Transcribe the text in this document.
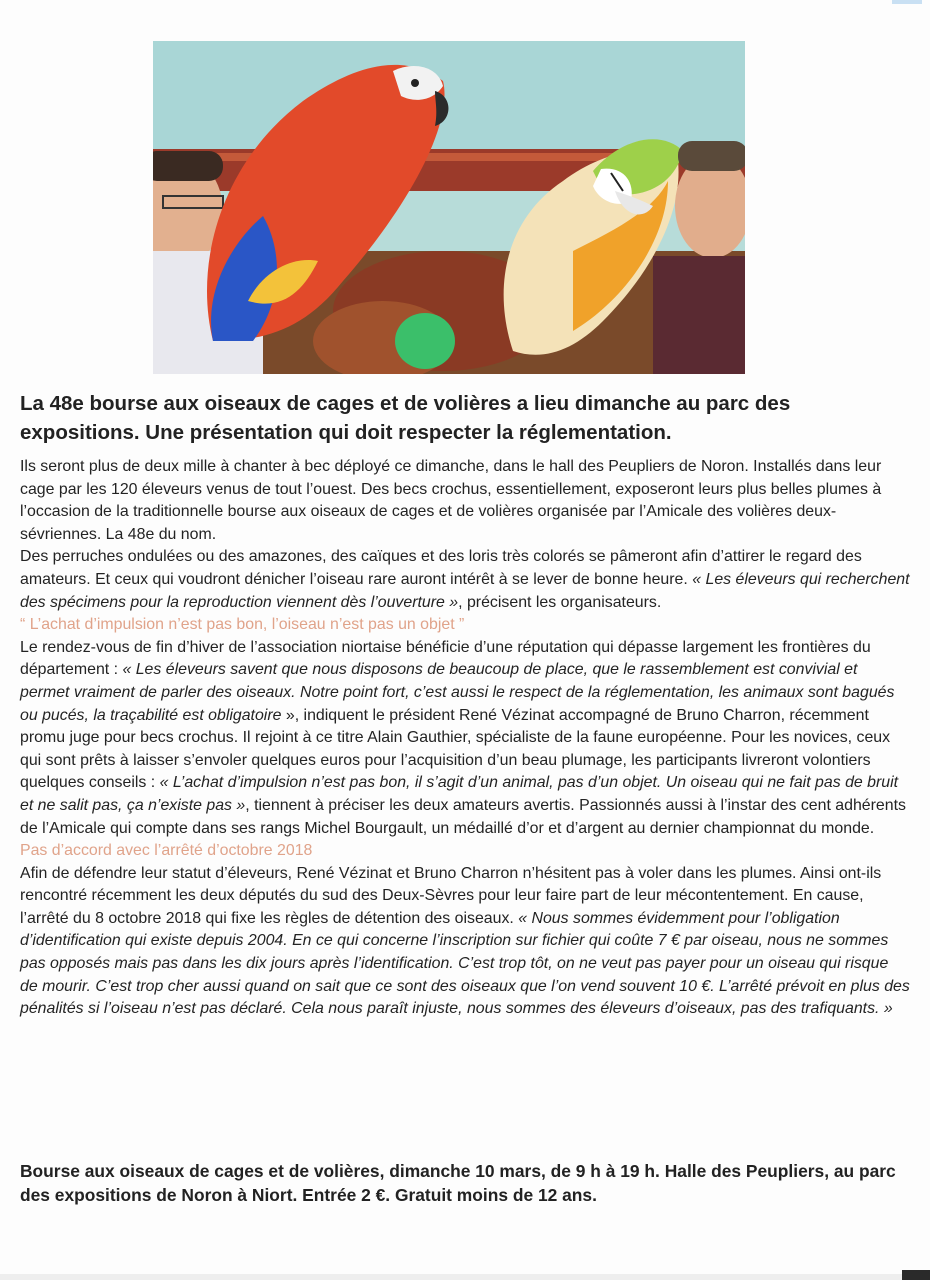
La 48e bourse aux oiseaux de cages et de volières a lieu dimanche au parc des expositions. Une présentation qui doit respecter la réglementation.

Ils seront plus de deux mille à chanter à bec déployé ce dimanche, dans le hall des Peupliers de Noron. Installés dans leur cage par les 120 éleveurs venus de tout l’ouest. Des becs crochus, essentiellement, exposeront leurs plus belles plumes à l’occasion de la traditionnelle bourse aux oiseaux de cages et de volières organisée par l’Amicale des volières deux-sévriennes. La 48e du nom.

Des perruches ondulées ou des amazones, des caïques et des loris très colorés se pâmeront afin d’attirer le regard des amateurs. Et ceux qui voudront dénicher l’oiseau rare auront intérêt à se lever de bonne heure. « Les éleveurs qui recherchent des spécimens pour la reproduction viennent dès l’ouverture », précisent les organisateurs.

“ L’achat d’impulsion n’est pas bon, l’oiseau n’est pas un objet ”

Le rendez-vous de fin d’hiver de l’association niortaise bénéficie d’une réputation qui dépasse largement les frontières du département : « Les éleveurs savent que nous disposons de beaucoup de place, que le rassemblement est convivial et permet vraiment de parler des oiseaux. Notre point fort, c’est aussi le respect de la réglementation, les animaux sont bagués ou pucés, la traçabilité est obligatoire », indiquent le président René Vézinat accompagné de Bruno Charron, récemment promu juge pour becs crochus. Il rejoint à ce titre Alain Gauthier, spécialiste de la faune européenne. Pour les novices, ceux qui sont prêts à laisser s’envoler quelques euros pour l’acquisition d’un beau plumage, les participants livreront volontiers quelques conseils : « L’achat d’impulsion n’est pas bon, il s’agit d’un animal, pas d’un objet. Un oiseau qui ne fait pas de bruit et ne salit pas, ça n’existe pas », tiennent à préciser les deux amateurs avertis. Passionnés aussi à l’instar des cent adhérents de l’Amicale qui compte dans ses rangs Michel Bourgault, un médaillé d’or et d’argent au dernier championnat du monde.

Pas d’accord avec l’arrêté d’octobre 2018

Afin de défendre leur statut d’éleveurs, René Vézinat et Bruno Charron n’hésitent pas à voler dans les plumes. Ainsi ont-ils rencontré récemment les deux députés du sud des Deux-Sèvres pour leur faire part de leur mécontentement. En cause, l’arrêté du 8 octobre 2018 qui fixe les règles de détention des oiseaux. « Nous sommes évidemment pour l’obligation d’identification qui existe depuis 2004. En ce qui concerne l’inscription sur fichier qui coûte 7 € par oiseau, nous ne sommes pas opposés mais pas dans les dix jours après l’identification. C’est trop tôt, on ne veut pas payer pour un oiseau qui risque de mourir. C’est trop cher aussi quand on sait que ce sont des oiseaux que l’on vend souvent 10 €. L’arrêté prévoit en plus des pénalités si l’oiseau n’est pas déclaré. Cela nous paraît injuste, nous sommes des éleveurs d’oiseaux, pas des trafiquants. »

Bourse aux oiseaux de cages et de volières, dimanche 10 mars, de 9 h à 19 h. Halle des Peupliers, au parc des expositions de Noron à Niort. Entrée 2 €. Gratuit moins de 12 ans.
